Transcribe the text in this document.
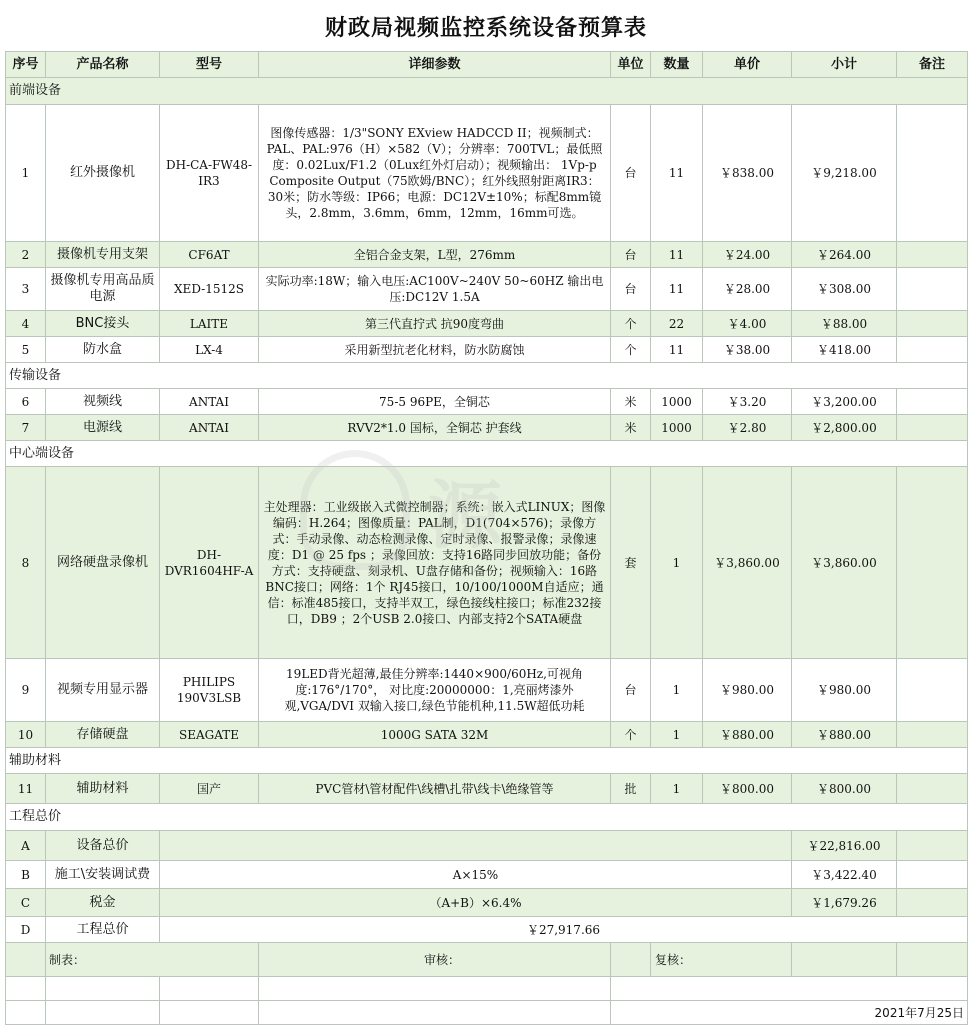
财政局视频监控系统设备预算表
序号	产品名称	型号	详细参数	单位	数量	单价	小计	备注
前端设备								
1	红外摄像机	DH-CA-FW48-IR3	图像传感器：1/3"SONY EXview HADCCD II；视频制式： PAL、PAL:976（H）×582（V）；分辨率：700TVL；最低照度：0.02Lux/F1.2（0Lux红外灯启动）；视频输出： 1Vp-p Composite Output（75欧姆/BNC）；红外线照射距离IR3：30米；防水等级：IP66；电源：DC12V±10%；标配8mm镜头，2.8mm，3.6mm，6mm，12mm，16mm可选。	台	11	￥838.00	￥9,218.00	
2	摄像机专用支架	CF6AT	全铝合金支架，L型，276mm	台	11	￥24.00	￥264.00	
3	摄像机专用高品质电源	XED-1512S	实际功率:18W；输入电压:AC100V~240V 50~60HZ 输出电压:DC12V 1.5A	台	11	￥28.00	￥308.00	
4	BNC接头	LAITE	第三代直拧式 抗90度弯曲	个	22	￥4.00	￥88.00	
5	防水盒	LX-4	采用新型抗老化材料，防水防腐蚀	个	11	￥38.00	￥418.00	
传输设备								
6	视频线	ANTAI	75-5 96PE，全铜芯	米	1000	￥3.20	￥3,200.00	
7	电源线	ANTAI	RVV2*1.0 国标，全铜芯 护套线	米	1000	￥2.80	￥2,800.00	
中心端设备								
8	网络硬盘录像机	DH-DVR1604HF-A	主处理器：工业级嵌入式微控制器；系统：嵌入式LINUX；图像编码：H.264；图像质量：PAL制，D1(704×576)；录像方式：手动录像、动态检测录像、定时录像、报警录像；录像速度：D1 @ 25 fps ；录像回放：支持16路同步回放功能；备份方式：支持硬盘、刻录机、U盘存储和备份；视频输入：16路 BNC接口；网络：1个 RJ45接口，10/100/1000M自适应；通信：标准485接口，支持半双工，绿色接线柱接口；标准232接口，DB9 ；2个USB 2.0接口、内部支持2个SATA硬盘	套	1	￥3,860.00	￥3,860.00	
9	视频专用显示器	PHILIPS 190V3LSB	19LED背光超薄,最佳分辨率:1440×900/60Hz,可视角度:176°/170°， 对比度:20000000：1,亮丽烤漆外观,VGA/DVI 双输入接口,绿色节能机种,11.5W超低功耗	台	1	￥980.00	￥980.00	
10	存储硬盘	SEAGATE	1000G SATA 32M	个	1	￥880.00	￥880.00	
辅助材料								
11	辅助材料	国产	PVC管材\管材配件\线槽\扎带\线卡\绝缘管等	批	1	￥800.00	￥800.00	
工程总价								
A	设备总价						￥22,816.00	
B	施工\安装调试费	A×15%					￥3,422.40	
C	税金	（A+B）×6.4%					￥1,679.26	
D	工程总价	￥27,917.66						
	制表：		审核：		复核：			

				2021年7月25日				
源
